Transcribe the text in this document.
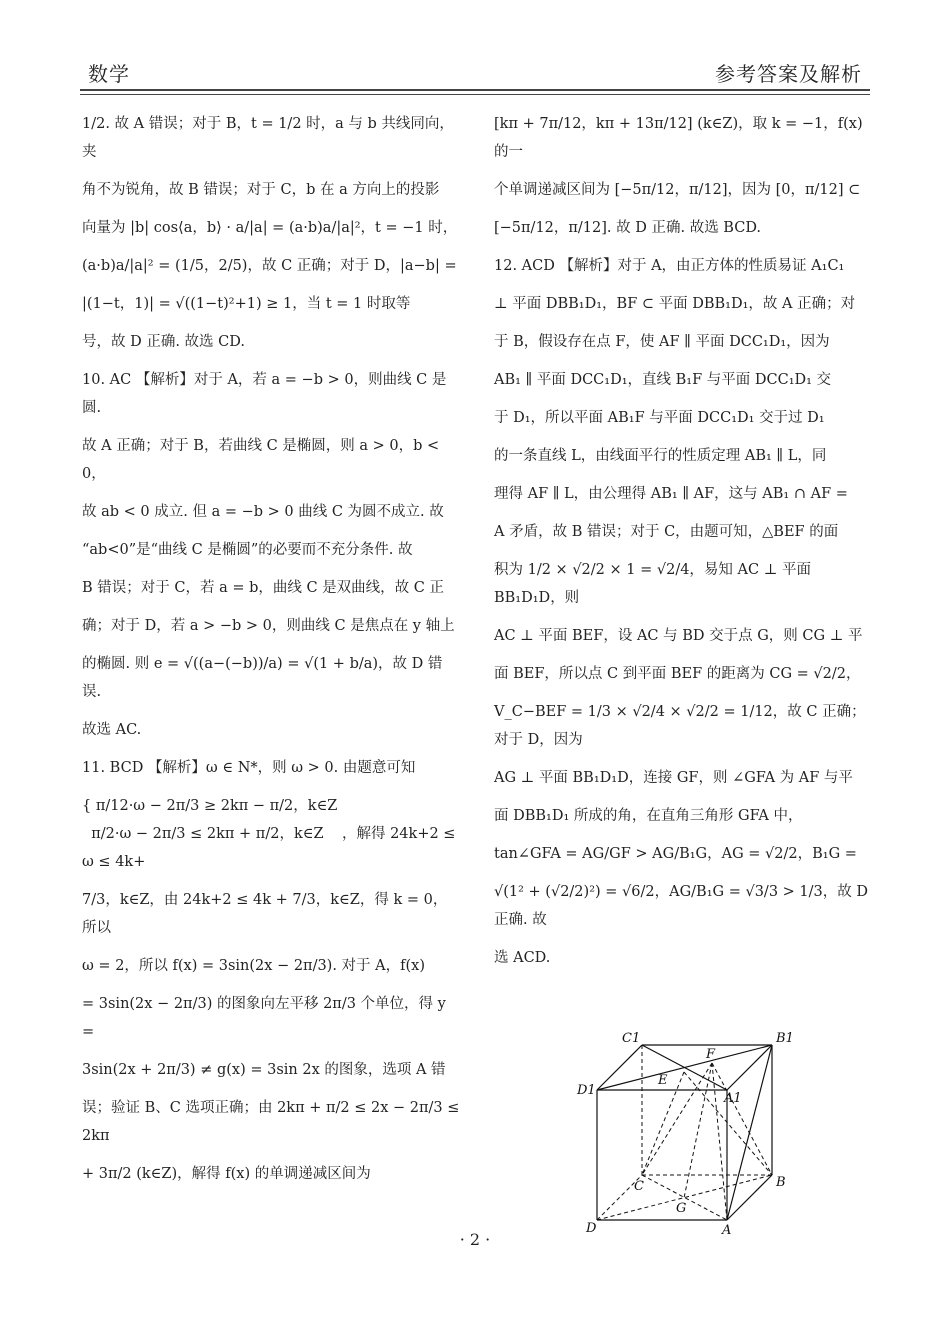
数学	参考答案及解析

1/2. 故 A 错误；对于 B，t = 1/2 时，a 与 b 共线同向，夹

角不为锐角，故 B 错误；对于 C，b 在 a 方向上的投影

向量为 |b| cos⟨a，b⟩ · a/|a| = (a·b)a/|a|²，t = −1 时，

(a·b)a/|a|² = (1/5，2/5)，故 C 正确；对于 D，|a−b| =

|(1−t，1)| = √((1−t)²+1) ≥ 1，当 t = 1 时取等

号，故 D 正确. 故选 CD.

10. AC 【解析】对于 A，若 a = −b > 0，则曲线 C 是圆.

故 A 正确；对于 B，若曲线 C 是椭圆，则 a > 0，b < 0，

故 ab < 0 成立. 但 a = −b > 0 曲线 C 为圆不成立. 故

“ab<0”是“曲线 C 是椭圆”的必要而不充分条件. 故

B 错误；对于 C，若 a = b，曲线 C 是双曲线，故 C 正

确；对于 D，若 a > −b > 0，则曲线 C 是焦点在 y 轴上

的椭圆. 则 e = √((a−(−b))/a) = √(1 + b/a)，故 D 错误.

故选 AC.

11. BCD 【解析】ω ∈ N*，则 ω > 0. 由题意可知

{ π/12·ω − 2π/3 ≥ 2kπ − π/2，k∈Z

π/2·ω − 2π/3 ≤ 2kπ + π/2，k∈Z    ，解得 24k+2 ≤ ω ≤ 4k+

7/3，k∈Z，由 24k+2 ≤ 4k + 7/3，k∈Z，得 k = 0，所以

ω = 2，所以 f(x) = 3sin(2x − 2π/3). 对于 A，f(x)

= 3sin(2x − 2π/3) 的图象向左平移 2π/3 个单位，得 y =

3sin(2x + 2π/3) ≠ g(x) = 3sin 2x 的图象，选项 A 错

误；验证 B、C 选项正确；由 2kπ + π/2 ≤ 2x − 2π/3 ≤ 2kπ

+ 3π/2 (k∈Z)，解得 f(x) 的单调递减区间为

[kπ + 7π/12，kπ + 13π/12] (k∈Z)，取 k = −1，f(x) 的一

个单调递减区间为 [−5π/12，π/12]，因为 [0，π/12] ⊂

[−5π/12，π/12]. 故 D 正确. 故选 BCD.

12. ACD 【解析】对于 A，由正方体的性质易证 A₁C₁

⊥ 平面 DBB₁D₁，BF ⊂ 平面 DBB₁D₁，故 A 正确；对

于 B，假设存在点 F，使 AF ∥ 平面 DCC₁D₁，因为

AB₁ ∥ 平面 DCC₁D₁，直线 B₁F 与平面 DCC₁D₁ 交

于 D₁，所以平面 AB₁F 与平面 DCC₁D₁ 交于过 D₁

的一条直线 L，由线面平行的性质定理 AB₁ ∥ L，同

理得 AF ∥ L，由公理得 AB₁ ∥ AF，这与 AB₁ ∩ AF =

A 矛盾，故 B 错误；对于 C，由题可知，△BEF 的面

积为 1/2 × √2/2 × 1 = √2/4，易知 AC ⊥ 平面 BB₁D₁D，则

AC ⊥ 平面 BEF，设 AC 与 BD 交于点 G，则 CG ⊥ 平

面 BEF，所以点 C 到平面 BEF 的距离为 CG = √2/2，

V_C−BEF = 1/3 × √2/4 × √2/2 = 1/12，故 C 正确；对于 D，因为

AG ⊥ 平面 BB₁D₁D，连接 GF，则 ∠GFA 为 AF 与平

面 DBB₁D₁ 所成的角，在直角三角形 GFA 中，

tan∠GFA = AG/GF > AG/B₁G，AG = √2/2，B₁G =

√(1² + (√2/2)²) = √6/2，AG/B₁G = √3/3 > 1/3，故 D 正确. 故

选 ACD.

C1
F
B1
E
D1
A1
C	B
G
D	A
· 2 ·
